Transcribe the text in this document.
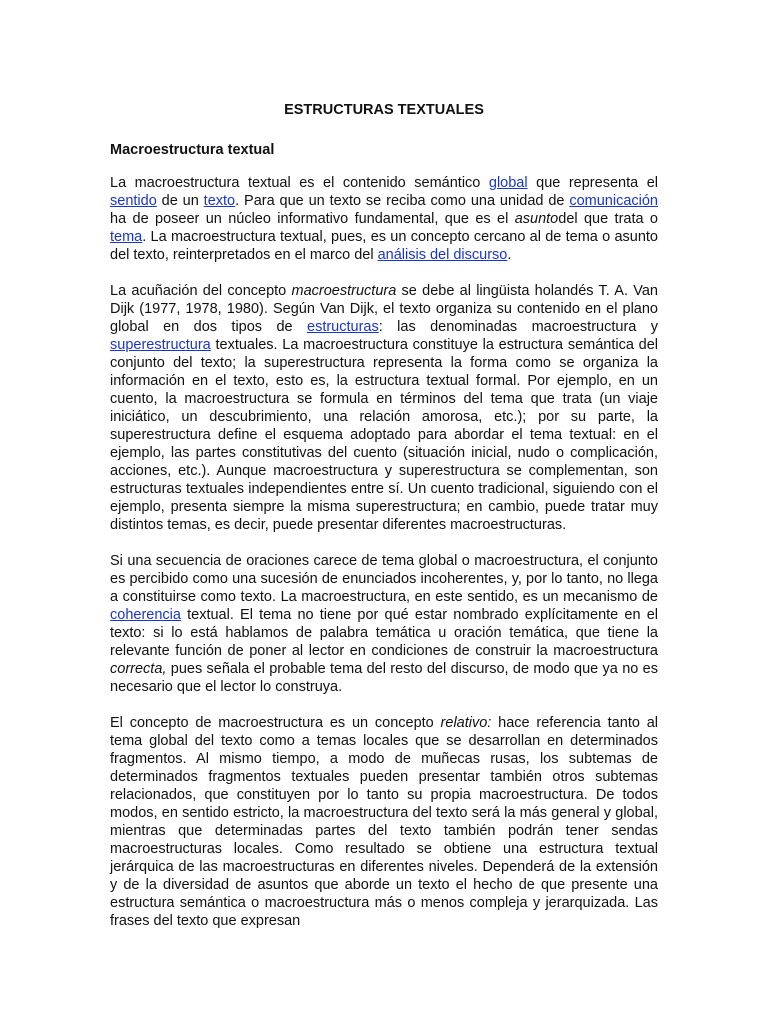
ESTRUCTURAS TEXTUALES
Macroestructura textual

La macroestructura textual es el contenido semántico global que representa el sentido de un texto. Para que un texto se reciba como una unidad de comunicación ha de poseer un núcleo informativo fundamental, que es el asuntodel que trata o tema. La macroestructura textual, pues, es un concepto cercano al de tema o asunto del texto, reinterpretados en el marco del análisis del discurso.

La acuñación del concepto macroestructura se debe al lingüista holandés T. A. Van Dijk (1977, 1978, 1980). Según Van Dijk, el texto organiza su contenido en el plano global en dos tipos de estructuras: las denominadas macroestructura y superestructura textuales. La macroestructura constituye la estructura semántica del conjunto del texto; la superestructura representa la forma como se organiza la información en el texto, esto es, la estructura textual formal. Por ejemplo, en un cuento, la macroestructura se formula en términos del tema que trata (un viaje iniciático, un descubrimiento, una relación amorosa, etc.); por su parte, la superestructura define el esquema adoptado para abordar el tema textual: en el ejemplo, las partes constitutivas del cuento (situación inicial, nudo o complicación, acciones, etc.). Aunque macroestructura y superestructura se complementan, son estructuras textuales independientes entre sí. Un cuento tradicional, siguiendo con el ejemplo, presenta siempre la misma superestructura; en cambio, puede tratar muy distintos temas, es decir, puede presentar diferentes macroestructuras.

Si una secuencia de oraciones carece de tema global o macroestructura, el conjunto es percibido como una sucesión de enunciados incoherentes, y, por lo tanto, no llega a constituirse como texto. La macroestructura, en este sentido, es un mecanismo de coherencia textual. El tema no tiene por qué estar nombrado explícitamente en el texto: si lo está hablamos de palabra temática u oración temática, que tiene la relevante función de poner al lector en condiciones de construir la macroestructura correcta, pues señala el probable tema del resto del discurso, de modo que ya no es necesario que el lector lo construya.

El concepto de macroestructura es un concepto relativo: hace referencia tanto al tema global del texto como a temas locales que se desarrollan en determinados fragmentos. Al mismo tiempo, a modo de muñecas rusas, los subtemas de determinados fragmentos textuales pueden presentar también otros subtemas relacionados, que constituyen por lo tanto su propia macroestructura. De todos modos, en sentido estricto, la macroestructura del texto será la más general y global, mientras que determinadas partes del texto también podrán tener sendas macroestructuras locales. Como resultado se obtiene una estructura textual jerárquica de las macroestructuras en diferentes niveles. Dependerá de la extensión y de la diversidad de asuntos que aborde un texto el hecho de que presente una estructura semántica o macroestructura más o menos compleja y jerarquizada. Las frases del texto que expresan
